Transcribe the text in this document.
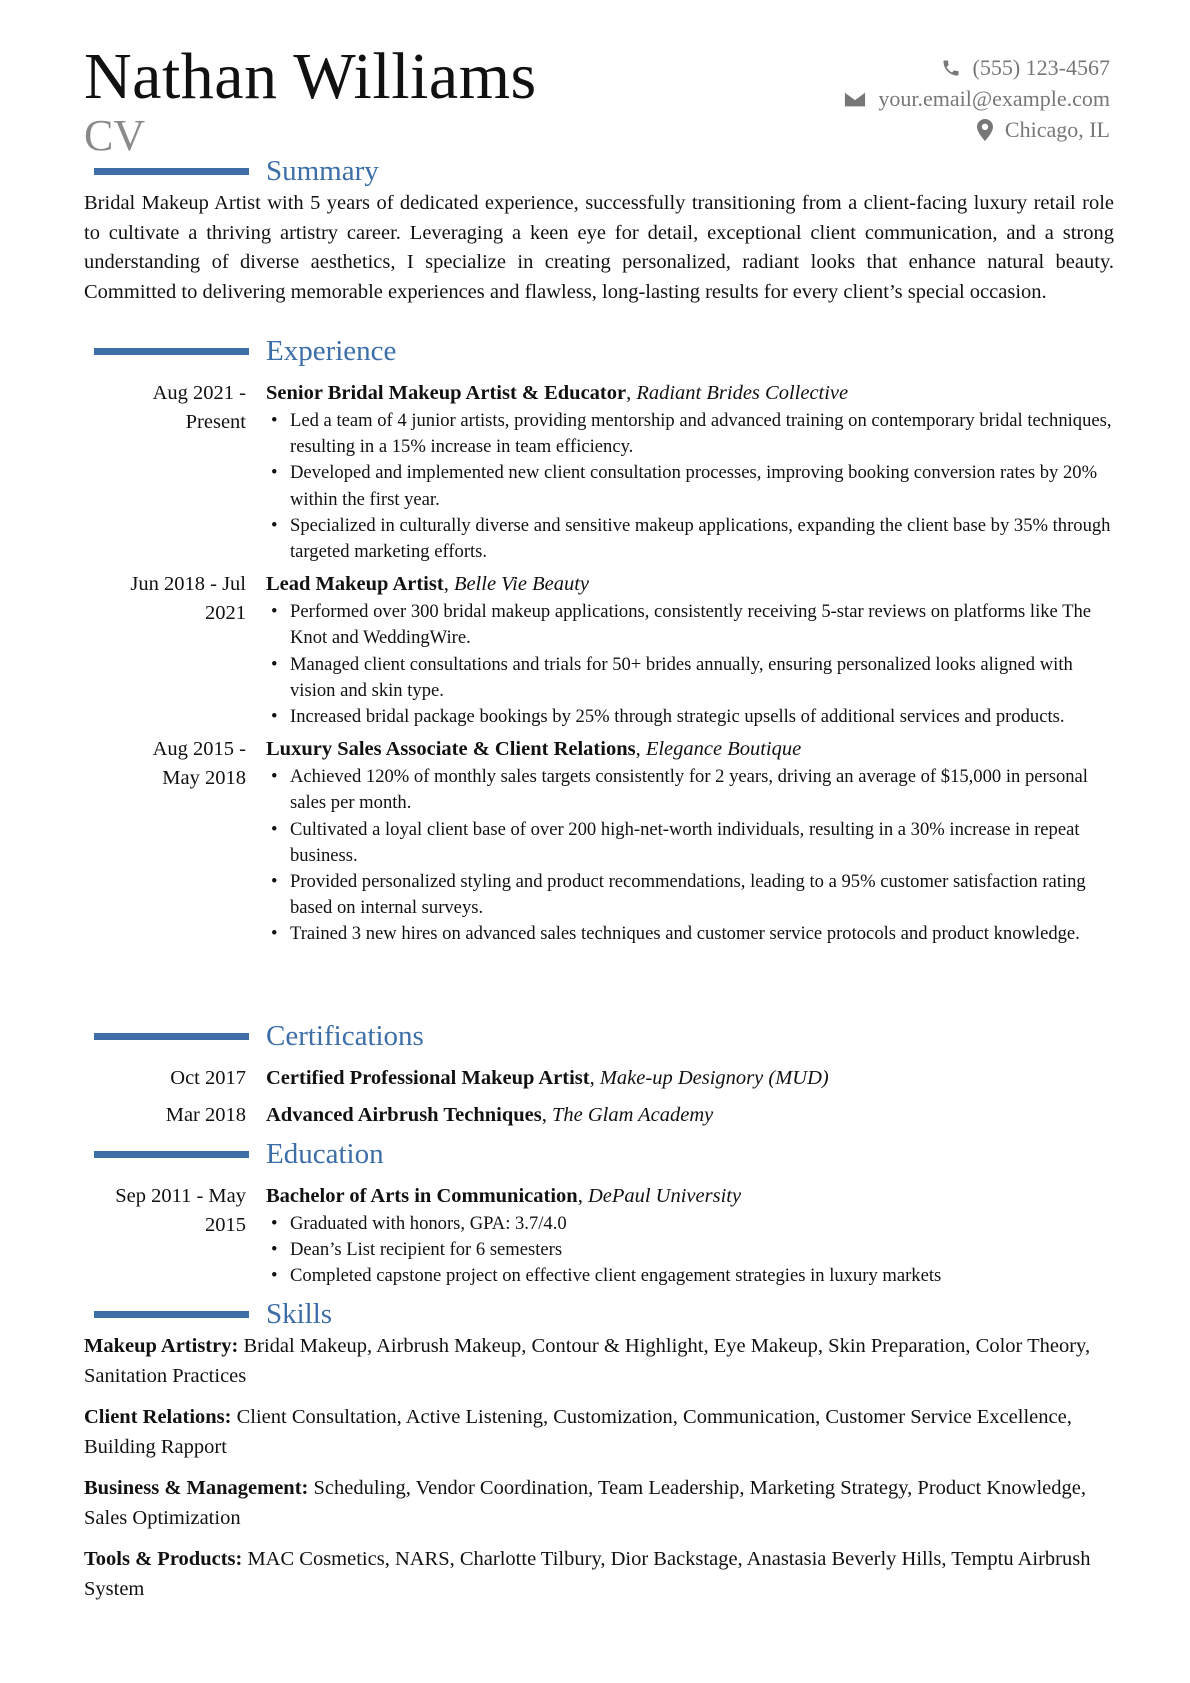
Nathan Williams
CV
(555) 123-4567
your.email@example.com
Chicago, IL
Summary

Bridal Makeup Artist with 5 years of dedicated experience, successfully transitioning from a client-facing luxury retail role to cultivate a thriving artistry career. Leveraging a keen eye for detail, exceptional client communication, and a strong understanding of diverse aesthetics, I specialize in creating personalized, radiant looks that enhance natural beauty. Committed to delivering memorable experiences and flawless, long-lasting results for every client’s special occasion.

Experience
Aug 2021 -
Present
Senior Bridal Makeup Artist & Educator, Radiant Brides Collective
• Led a team of 4 junior artists, providing mentorship and advanced training on contemporary bridal techniques, resulting in a 15% increase in team efficiency.
• Developed and implemented new client consultation processes, improving booking conversion rates by 20% within the first year.
• Specialized in culturally diverse and sensitive makeup applications, expanding the client base by 35% through targeted marketing efforts.
Jun 2018 - Jul
2021
Lead Makeup Artist, Belle Vie Beauty
• Performed over 300 bridal makeup applications, consistently receiving 5-star reviews on platforms like The Knot and WeddingWire.
• Managed client consultations and trials for 50+ brides annually, ensuring personalized looks aligned with vision and skin type.
• Increased bridal package bookings by 25% through strategic upsells of additional services and products.
Aug 2015 -
May 2018
Luxury Sales Associate & Client Relations, Elegance Boutique
• Achieved 120% of monthly sales targets consistently for 2 years, driving an average of $15,000 in personal sales per month.
• Cultivated a loyal client base of over 200 high-net-worth individuals, resulting in a 30% increase in repeat business.
• Provided personalized styling and product recommendations, leading to a 95% customer satisfaction rating based on internal surveys.
• Trained 3 new hires on advanced sales techniques and customer service protocols and product knowledge.
Certifications
Oct 2017 Certified Professional Makeup Artist, Make-up Designory (MUD)
Mar 2018 Advanced Airbrush Techniques, The Glam Academy
Education
Sep 2011 - May
2015
Bachelor of Arts in Communication, DePaul University
• Graduated with honors, GPA: 3.7/4.0
• Dean’s List recipient for 6 semesters
• Completed capstone project on effective client engagement strategies in luxury markets
Skills

Makeup Artistry: Bridal Makeup, Airbrush Makeup, Contour & Highlight, Eye Makeup, Skin Preparation, Color Theory, Sanitation Practices

Client Relations: Client Consultation, Active Listening, Customization, Communication, Customer Service Excellence, Building Rapport

Business & Management: Scheduling, Vendor Coordination, Team Leadership, Marketing Strategy, Product Knowledge, Sales Optimization

Tools & Products: MAC Cosmetics, NARS, Charlotte Tilbury, Dior Backstage, Anastasia Beverly Hills, Temptu Airbrush System
